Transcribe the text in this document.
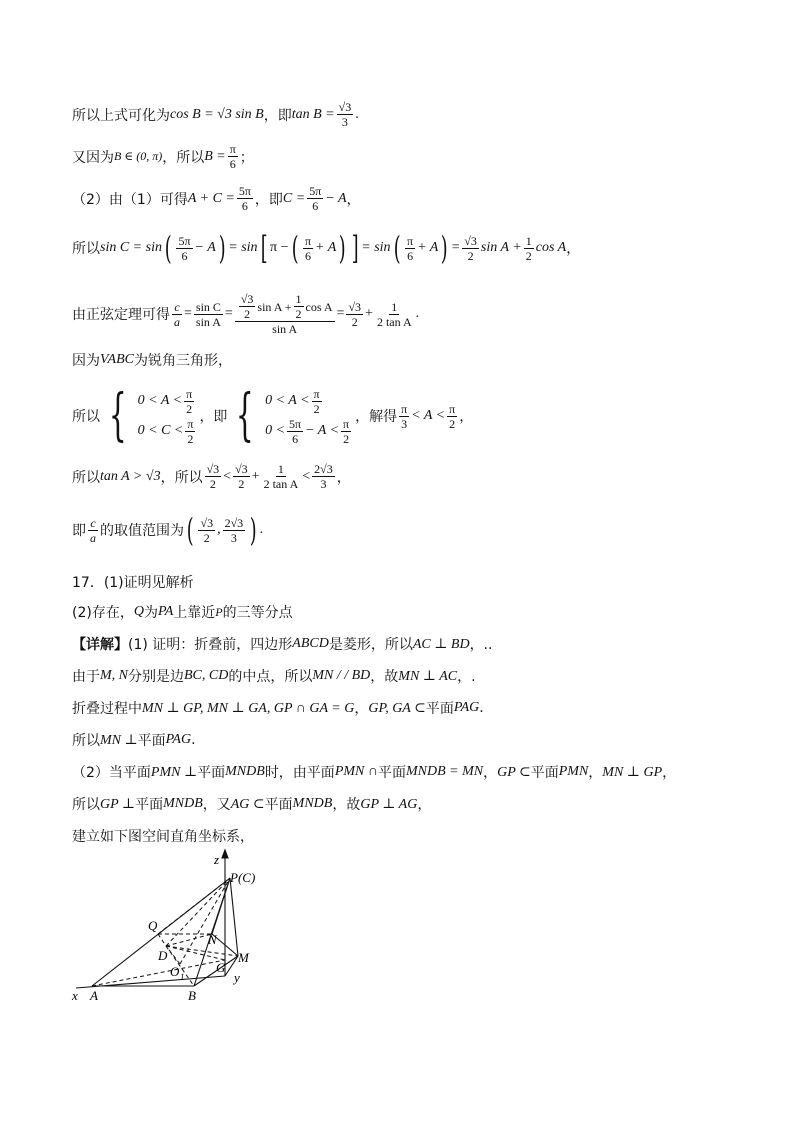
所以上式可化为 cos B = √3 sin B ，即 $\tan B = \frac{√3}{3}$ .
又因为 B ∈ (0, π) ，所以 $B = \frac{\pi}{6}$ ；
（2）由（1）可得 $A + C = \frac{5\pi}{6}$ ，即 $C = \frac{5\pi}{6} - A$ ，
所以 sin C = sin ( $\frac{5\pi}{6} - A$ ) = sin [ π − ( $\frac{\pi}{6} + A$ ) ] = sin ( $\frac{\pi}{6} + A$ ) = $\frac{√3}{2}$ $\sin A + \frac{1}{2}$ cos A ，
由正弦定理可得 $\frac{c}{a} = \frac{\text{sin C}}{\text{sin A}} = \frac{\frac{√3}{2} \sin A + \frac{1}{2} \cos A}{\text{sin A}} = \frac{√3}{2} + \frac{1}{\text{2 tan A}}$ .
因为 VABC 为锐角三角形，
所以 { $0 < A < \frac{\pi}{2}$
$0 < C < \frac{\pi}{2}$ ，即 { $0 < A < \frac{\pi}{2}$
$0 < \frac{5\pi}{6} - A < \frac{\pi}{2}$ ，解得 $\frac{\pi}{3} < A < \frac{\pi}{2}$ ，
所以 tan A > √3 ，所以 $\frac{√3}{2} < \frac{√3}{2} + \frac{1}{\text{2 tan A}} < \frac{2√3}{3}$ ，
即 $\frac{c}{a}$ 的取值范围为 ( $\frac{√3}{2}$ , $\frac{2√3}{3}$ ) .
17．(1)证明见解析
(2)存在， Q 为 PA 上靠近 P 的三等分点
【详解】 (1) 证明：折叠前，四边形 ABCD 是菱形，所以 AC ⊥ BD ，..
由于 M, N 分别是边 BC, CD 的中点，所以 MN / / BD ，故 MN ⊥ AC ，.
折叠过程中 MN ⊥ GP, MN ⊥ GA, GP ∩ GA = G ， GP, GA ⊂ 平面 PAG .
所以 MN ⊥ 平面 PAG .
（2）当平面 PMN ⊥ 平面 MNDB 时，由平面 PMN ∩ 平面 MNDB = MN ， GP ⊂ 平面 PMN ， MN ⊥ GP ，
所以 GP ⊥ 平面 MNDB ，又 AG ⊂ 平面 MNDB ，故 GP ⊥ AG ，
建立如下图空间直角坐标系，
z
P(C)
Q
N
D
O 1
G
M
x A	B
y
